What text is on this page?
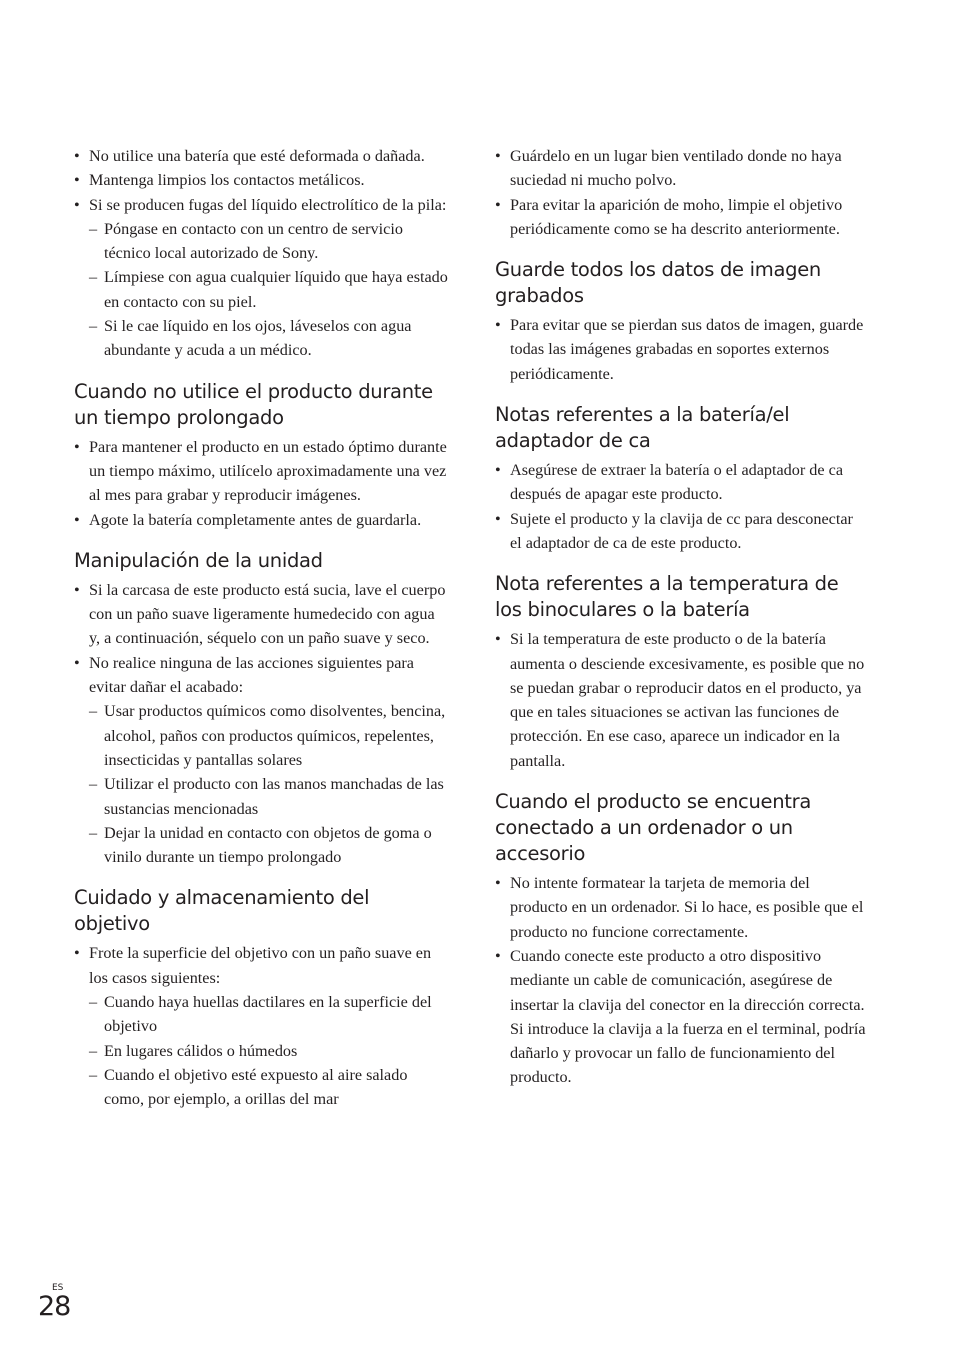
• No utilice una batería que esté deformada o dañada.
• Mantenga limpios los contactos metálicos.
• Si se producen fugas del líquido electrolítico de la pila:
– Póngase en contacto con un centro de servicio técnico local autorizado de Sony.
– Límpiese con agua cualquier líquido que haya estado en contacto con su piel.
– Si le cae líquido en los ojos, láveselos con agua abundante y acuda a un médico.
Cuando no utilice el producto durante un tiempo prolongado
• Para mantener el producto en un estado óptimo durante un tiempo máximo, utilícelo aproximadamente una vez al mes para grabar y reproducir imágenes.
• Agote la batería completamente antes de guardarla.
Manipulación de la unidad
• Si la carcasa de este producto está sucia, lave el cuerpo con un paño suave ligeramente humedecido con agua y, a continuación, séquelo con un paño suave y seco.
• No realice ninguna de las acciones siguientes para evitar dañar el acabado:
– Usar productos químicos como disolventes, bencina, alcohol, paños con productos químicos, repelentes, insecticidas y pantallas solares
– Utilizar el producto con las manos manchadas de las sustancias mencionadas
– Dejar la unidad en contacto con objetos de goma o vinilo durante un tiempo prolongado
Cuidado y almacenamiento del objetivo
• Frote la superficie del objetivo con un paño suave en los casos siguientes:
– Cuando haya huellas dactilares en la superficie del objetivo
– En lugares cálidos o húmedos
– Cuando el objetivo esté expuesto al aire salado como, por ejemplo, a orillas del mar
• Guárdelo en un lugar bien ventilado donde no haya suciedad ni mucho polvo.
• Para evitar la aparición de moho, limpie el objetivo periódicamente como se ha descrito anteriormente.
Guarde todos los datos de imagen grabados
• Para evitar que se pierdan sus datos de imagen, guarde todas las imágenes grabadas en soportes externos periódicamente.
Notas referentes a la batería/el adaptador de ca
• Asegúrese de extraer la batería o el adaptador de ca después de apagar este producto.
• Sujete el producto y la clavija de cc para desconectar el adaptador de ca de este producto.
Nota referentes a la temperatura de los binoculares o la batería
• Si la temperatura de este producto o de la batería aumenta o desciende excesivamente, es posible que no se puedan grabar o reproducir datos en el producto, ya que en tales situaciones se activan las funciones de protección. En ese caso, aparece un indicador en la pantalla.
Cuando el producto se encuentra conectado a un ordenador o un accesorio
• No intente formatear la tarjeta de memoria del producto en un ordenador. Si lo hace, es posible que el producto no funcione correctamente.
• Cuando conecte este producto a otro dispositivo mediante un cable de comunicación, asegúrese de insertar la clavija del conector en la dirección correcta. Si introduce la clavija a la fuerza en el terminal, podría dañarlo y provocar un fallo de funcionamiento del producto.
ES
28
